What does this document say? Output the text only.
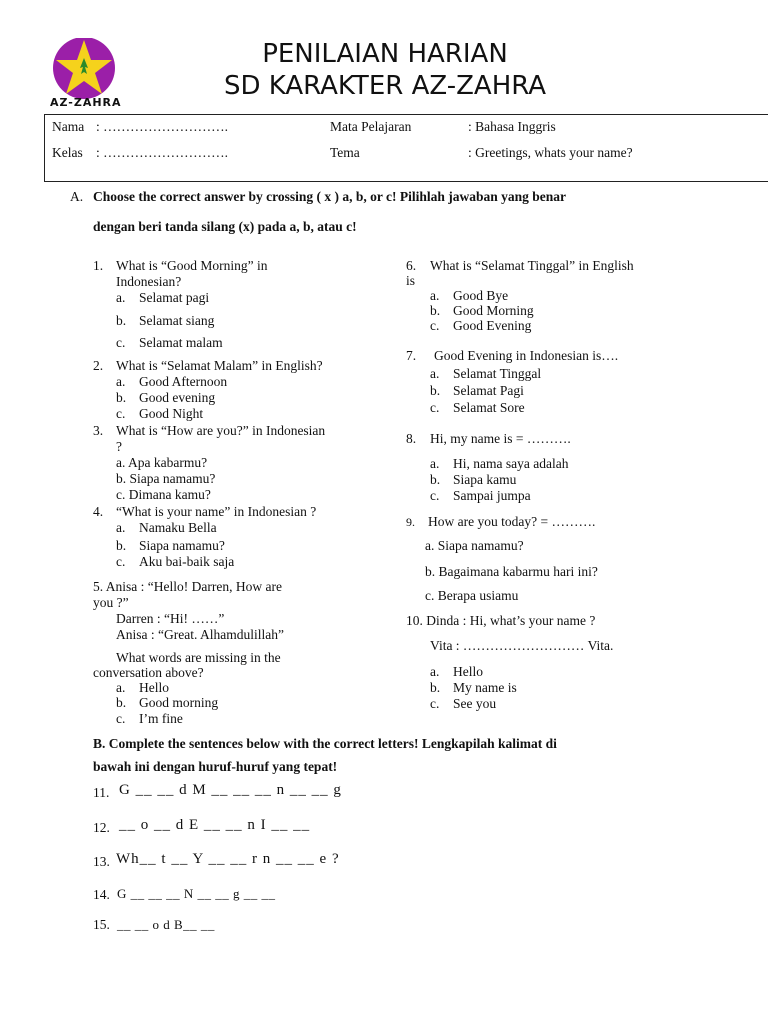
AZ-ZAHRA
PENILAIAN HARIAN
SD KARAKTER AZ-ZAHRA
Nama : ……………………….
Kelas : ……………………….
Mata Pelajaran	: Bahasa Inggris
Tema	: Greetings, whats your name?
A. Choose the correct answer by crossing ( x ) a, b, or c! Pilihlah jawaban yang benar
dengan beri tanda silang (x) pada a, b, atau c!
1. What is “Good Morning” in
Indonesian?
a. Selamat pagi
b. Selamat siang
c. Selamat malam
2. What is “Selamat Malam” in English?
a. Good Afternoon
b. Good evening
c. Good Night
3. What is “How are you?” in Indonesian
?
a. Apa kabarmu?
b. Siapa namamu?
c. Dimana kamu?
4. “What is your name” in Indonesian ?
a. Namaku Bella
b. Siapa namamu?
c. Aku bai-baik saja
5. Anisa : “Hello! Darren, How are
you ?”
Darren : “Hi! ……”
Anisa : “Great. Alhamdulillah”
What words are missing in the
conversation above?
a. Hello
b. Good morning
c. I’m fine
6. What is “Selamat Tinggal” in English
is
a. Good Bye
b. Good Morning
c. Good Evening
7. Good Evening in Indonesian is….
a. Selamat Tinggal
b. Selamat Pagi
c. Selamat Sore
8. Hi, my name is = ……….
a. Hi, nama saya adalah
b. Siapa kamu
c. Sampai jumpa
9. How are you today? = ……….
a. Siapa namamu?
b. Bagaimana kabarmu hari ini?
c. Berapa usiamu
10. Dinda : Hi, what’s your name ?
Vita : ……………………… Vita.
a. Hello
b. My name is
c. See you
B. Complete the sentences below with the correct letters! Lengkapilah kalimat di
bawah ini dengan huruf-huruf yang tepat!
11. G __ __ d M __ __ __ n __ __ g
12. __ o __ d E __ __ n I __ __
13. Wh__ t __ Y __ __ r n __ __ e ?
14. G __ __ __ N __ __ g __ __
15. __ __ o d B__ __
